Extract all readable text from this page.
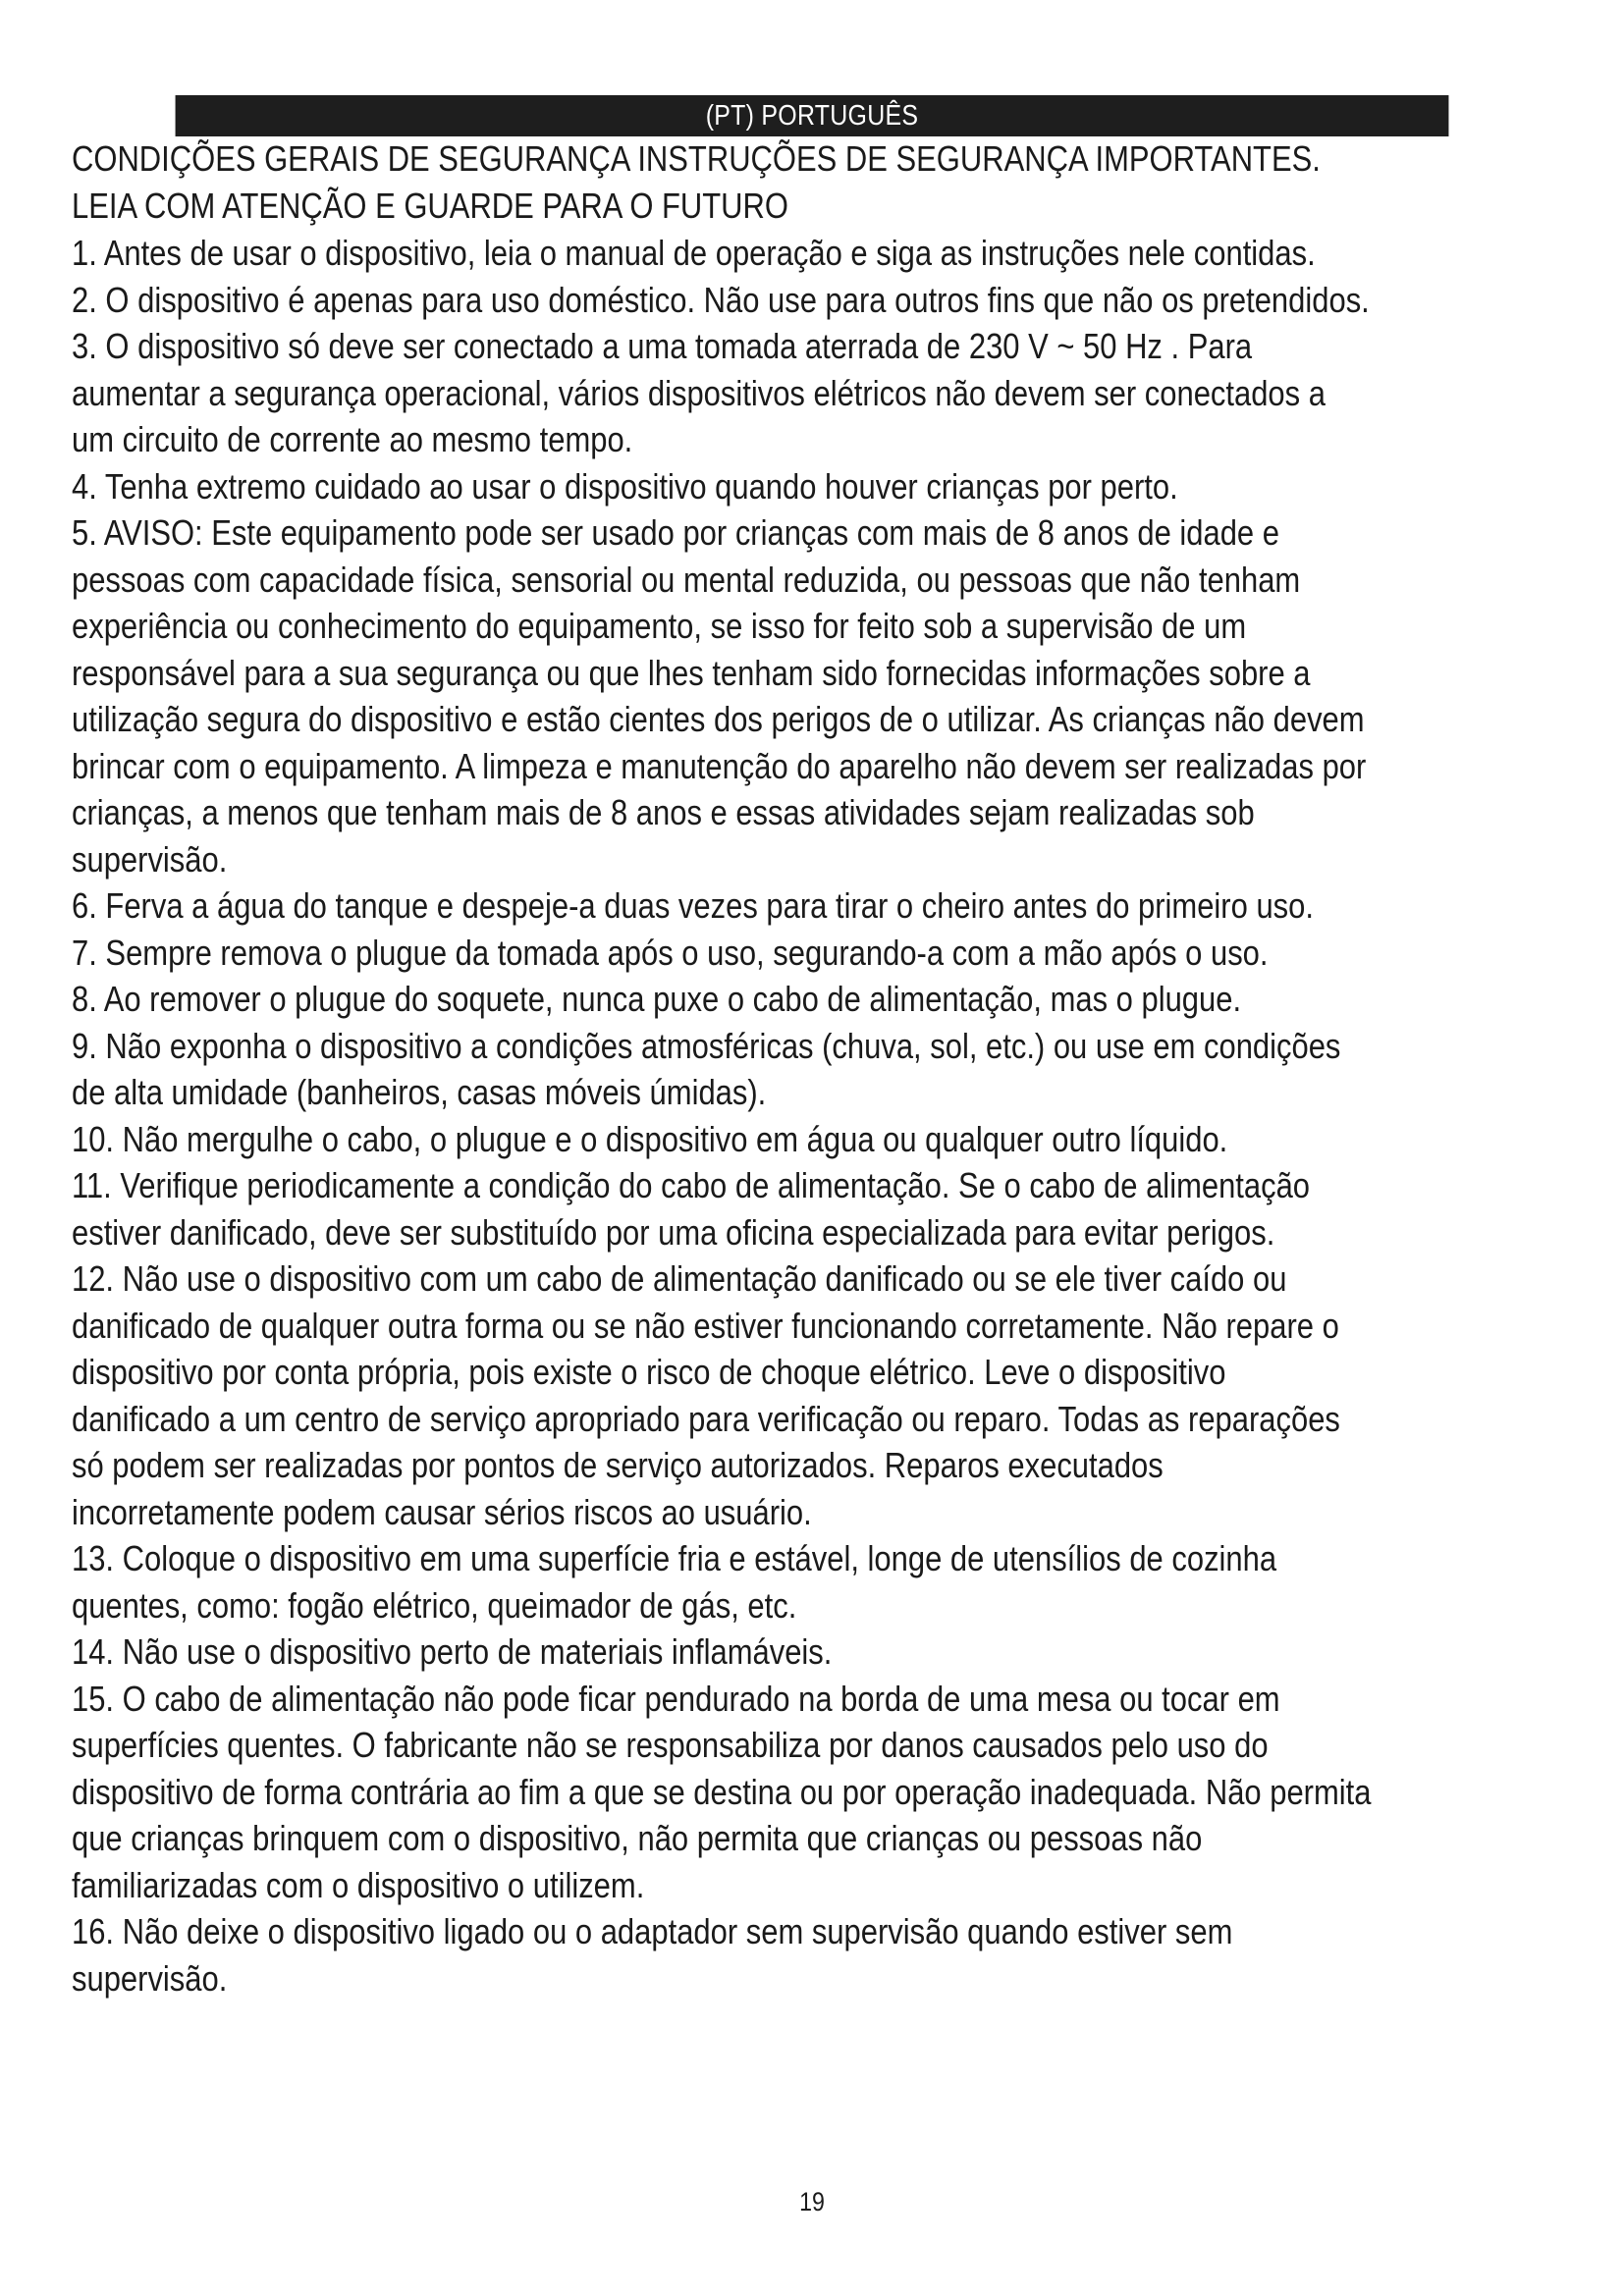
(PT) PORTUGUÊS

CONDIÇÕES GERAIS DE SEGURANÇA INSTRUÇÕES DE SEGURANÇA IMPORTANTES.

LEIA COM ATENÇÃO E GUARDE PARA O FUTURO

1. Antes de usar o dispositivo, leia o manual de operação e siga as instruções nele contidas.

2. O dispositivo é apenas para uso doméstico. Não use para outros fins que não os pretendidos.

3. O dispositivo só deve ser conectado a uma tomada aterrada de 230 V ~ 50 Hz . Para aumentar a segurança operacional, vários dispositivos elétricos não devem ser conectados a um circuito de corrente ao mesmo tempo.

4. Tenha extremo cuidado ao usar o dispositivo quando houver crianças por perto.

5. AVISO: Este equipamento pode ser usado por crianças com mais de 8 anos de idade e pessoas com capacidade física, sensorial ou mental reduzida, ou pessoas que não tenham experiência ou conhecimento do equipamento, se isso for feito sob a supervisão de um responsável para a sua segurança ou que lhes tenham sido fornecidas informações sobre a utilização segura do dispositivo e estão cientes dos perigos de o utilizar. As crianças não devem brincar com o equipamento. A limpeza e manutenção do aparelho não devem ser realizadas por crianças, a menos que tenham mais de 8 anos e essas atividades sejam realizadas sob supervisão.

6. Ferva a água do tanque e despeje-a duas vezes para tirar o cheiro antes do primeiro uso.

7. Sempre remova o plugue da tomada após o uso, segurando-a com a mão após o uso.

8. Ao remover o plugue do soquete, nunca puxe o cabo de alimentação, mas o plugue.

9. Não exponha o dispositivo a condições atmosféricas (chuva, sol, etc.) ou use em condições de alta umidade (banheiros, casas móveis úmidas).

10. Não mergulhe o cabo, o plugue e o dispositivo em água ou qualquer outro líquido.

11. Verifique periodicamente a condição do cabo de alimentação. Se o cabo de alimentação estiver danificado, deve ser substituído por uma oficina especializada para evitar perigos.

12. Não use o dispositivo com um cabo de alimentação danificado ou se ele tiver caído ou danificado de qualquer outra forma ou se não estiver funcionando corretamente. Não repare o dispositivo por conta própria, pois existe o risco de choque elétrico. Leve o dispositivo danificado a um centro de serviço apropriado para verificação ou reparo. Todas as reparações só podem ser realizadas por pontos de serviço autorizados. Reparos executados incorretamente podem causar sérios riscos ao usuário.

13. Coloque o dispositivo em uma superfície fria e estável, longe de utensílios de cozinha quentes, como: fogão elétrico, queimador de gás, etc.

14. Não use o dispositivo perto de materiais inflamáveis.

15. O cabo de alimentação não pode ficar pendurado na borda de uma mesa ou tocar em superfícies quentes. O fabricante não se responsabiliza por danos causados pelo uso do dispositivo de forma contrária ao fim a que se destina ou por operação inadequada. Não permita que crianças brinquem com o dispositivo, não permita que crianças ou pessoas não familiarizadas com o dispositivo o utilizem.

16. Não deixe o dispositivo ligado ou o adaptador sem supervisão quando estiver sem supervisão.

19
